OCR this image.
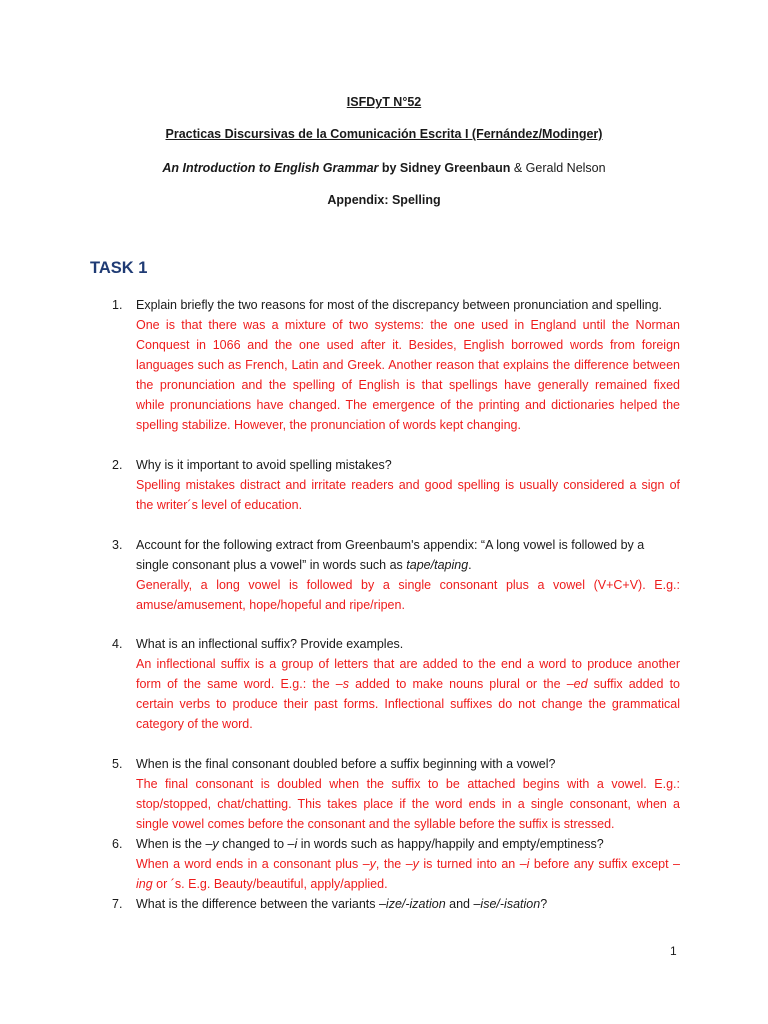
ISFDyT N°52
Practicas Discursivas de la Comunicación Escrita I (Fernández/Modinger)
An Introduction to English Grammar by Sidney Greenbaun & Gerald Nelson
Appendix: Spelling
TASK 1
1. Explain briefly the two reasons for most of the discrepancy between pronunciation and spelling.
One is that there was a mixture of two systems: the one used in England until the Norman
Conquest in 1066 and the one used after it. Besides, English borrowed words from foreign
languages such as French, Latin and Greek. Another reason that explains the difference between
the pronunciation and the spelling of English is that spellings have generally remained fixed
while pronunciations have changed. The emergence of the printing and dictionaries helped the
spelling stabilize. However, the pronunciation of words kept changing.
2. Why is it important to avoid spelling mistakes?
Spelling mistakes distract and irritate readers and good spelling is usually considered a sign of
the writer´s level of education.
3. Account for the following extract from Greenbaum's appendix: “A long vowel is followed by a
single consonant plus a vowel” in words such as tape/taping.
Generally, a long vowel is followed by a single consonant plus a vowel (V+C+V). E.g.:
amuse/amusement, hope/hopeful and ripe/ripen.
4. What is an inflectional suffix? Provide examples.
An inflectional suffix is a group of letters that are added to the end a word to produce another
form of the same word. E.g.: the –s added to make nouns plural or the –ed suffix added to
certain verbs to produce their past forms. Inflectional suffixes do not change the grammatical
category of the word.
5. When is the final consonant doubled before a suffix beginning with a vowel?
The final consonant is doubled when the suffix to be attached begins with a vowel. E.g.:
stop/stopped, chat/chatting. This takes place if the word ends in a single consonant, when a
single vowel comes before the consonant and the syllable before the suffix is stressed.
6. When is the –y changed to –i in words such as happy/happily and empty/emptiness?
When a word ends in a consonant plus –y, the –y is turned into an –i before any suffix except –
ing or ´s. E.g. Beauty/beautiful, apply/applied.
7. What is the difference between the variants –ize/-ization and –ise/-isation?
1
